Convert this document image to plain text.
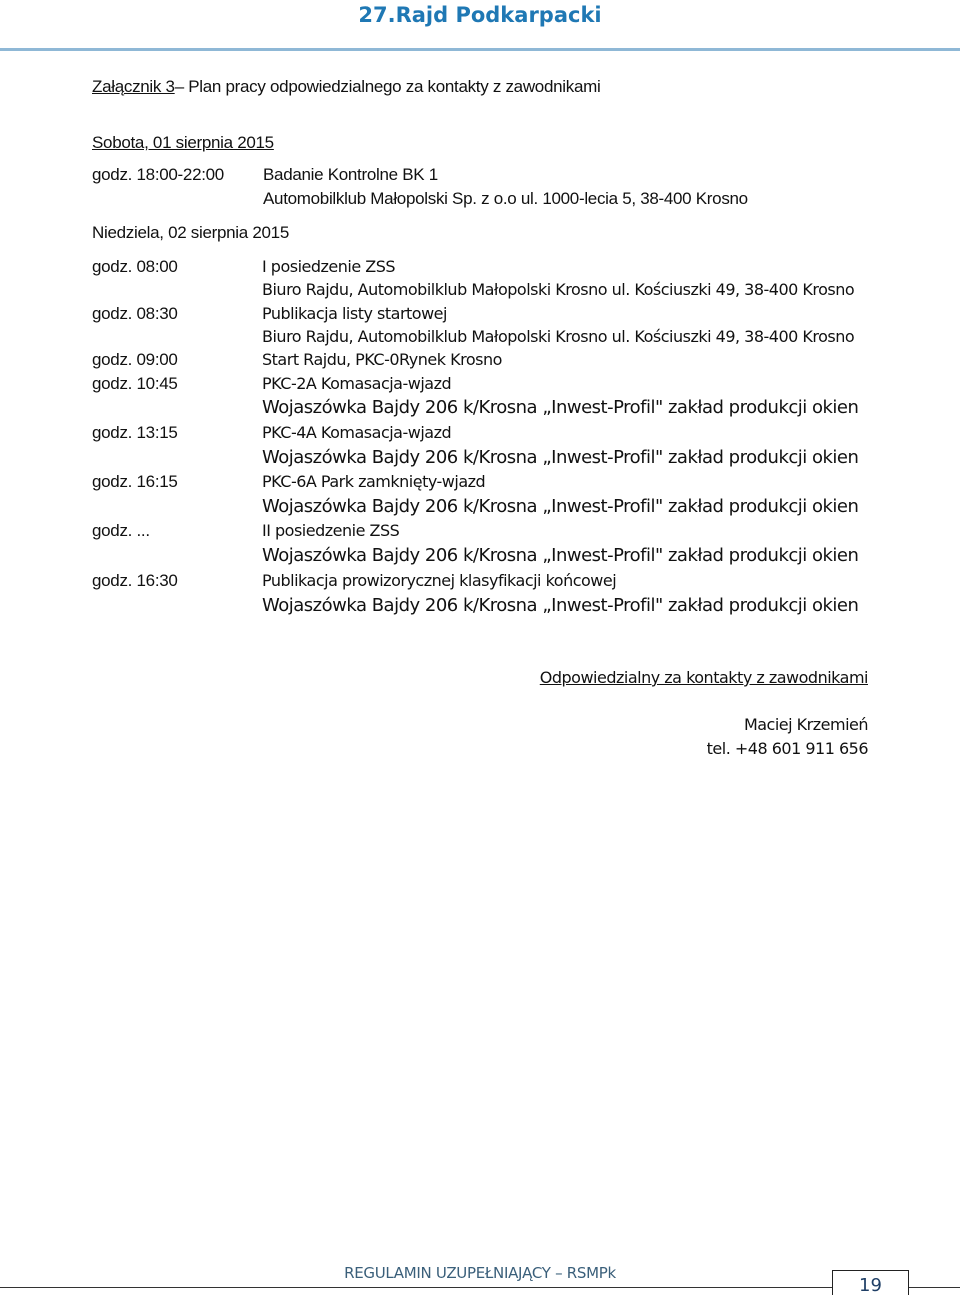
27.Rajd Podkarpacki
Załącznik 3– Plan pracy odpowiedzialnego za kontakty z zawodnikami
Sobota, 01 sierpnia 2015
godz. 18:00-22:00 Badanie Kontrolne BK 1
Automobilklub Małopolski Sp. z o.o ul. 1000-lecia 5, 38-400 Krosno
Niedziela, 02 sierpnia 2015
godz. 08:00	I posiedzenie ZSS
Biuro Rajdu, Automobilklub Małopolski Krosno ul. Kościuszki 49, 38-400 Krosno
godz. 08:30	Publikacja listy startowej
Biuro Rajdu, Automobilklub Małopolski Krosno ul. Kościuszki 49, 38-400 Krosno
godz. 09:00	Start Rajdu, PKC-0Rynek Krosno
godz. 10:45	PKC-2A Komasacja-wjazd
Wojaszówka Bajdy 206 k/Krosna „Inwest-Profil" zakład produkcji okien
godz. 13:15	PKC-4A Komasacja-wjazd
Wojaszówka Bajdy 206 k/Krosna „Inwest-Profil" zakład produkcji okien
godz. 16:15	PKC-6A Park zamknięty-wjazd
Wojaszówka Bajdy 206 k/Krosna „Inwest-Profil" zakład produkcji okien
godz. ...	II posiedzenie ZSS
Wojaszówka Bajdy 206 k/Krosna „Inwest-Profil" zakład produkcji okien
godz. 16:30	Publikacja prowizorycznej klasyfikacji końcowej
Wojaszówka Bajdy 206 k/Krosna „Inwest-Profil" zakład produkcji okien
Odpowiedzialny za kontakty z zawodnikami
Maciej Krzemień
tel. +48 601 911 656
REGULAMIN UZUPEŁNIAJĄCY – RSMPk
19
